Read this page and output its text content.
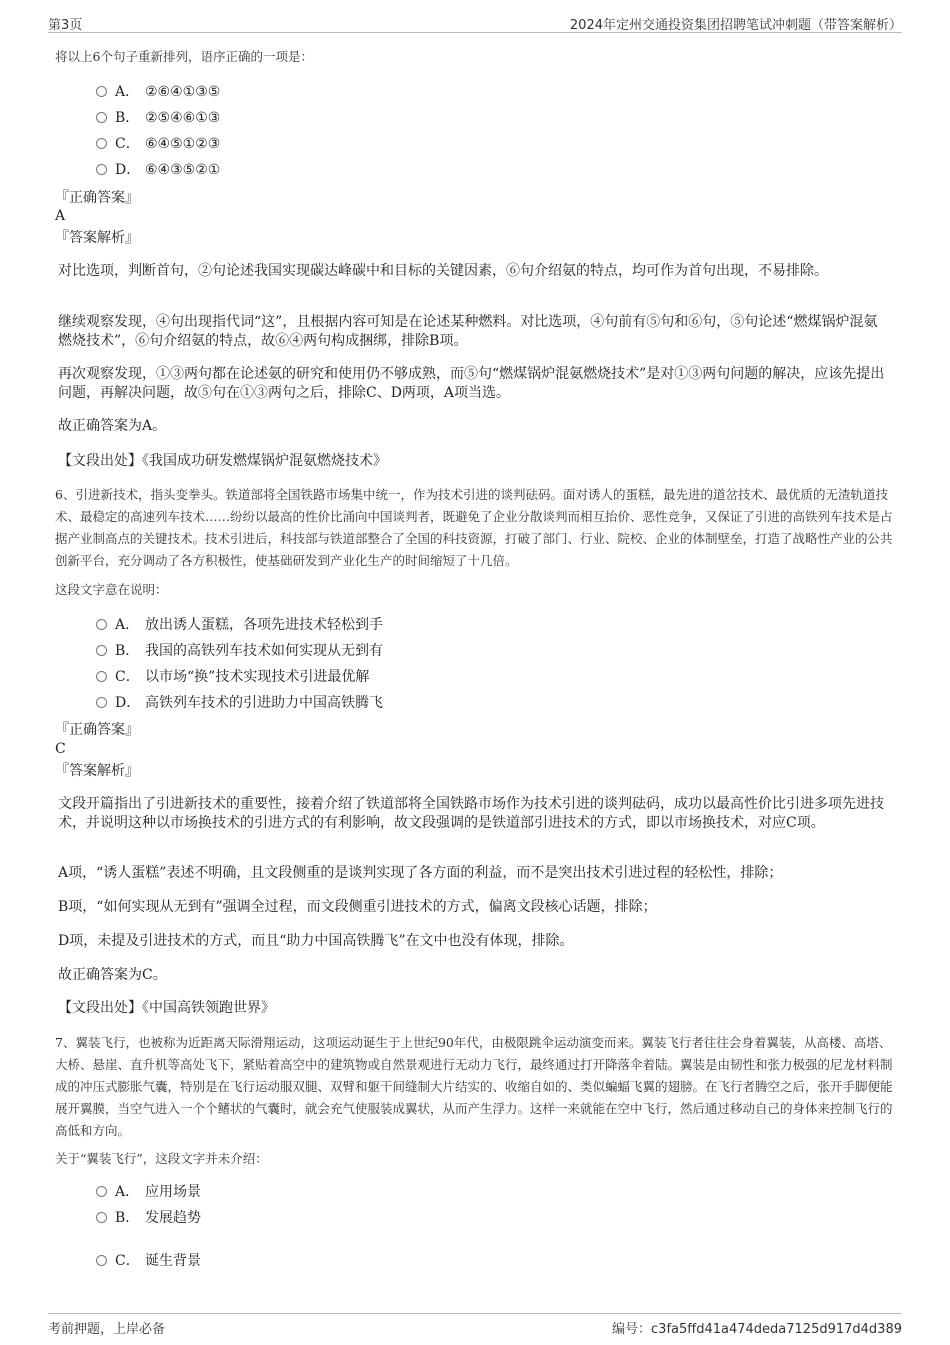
第3页	2024年定州交通投资集团招聘笔试冲刺题（带答案解析）
将以上6个句子重新排列，语序正确的一项是：
A． ②⑥④①③⑤
B． ②⑤④⑥①③
C． ⑥④⑤①②③
D． ⑥④③⑤②①
『正确答案』
A
『答案解析』
对比选项，判断首句，②句论述我国实现碳达峰碳中和目标的关键因素，⑥句介绍氨的特点，均可作为首句出现，不易排除。
继续观察发现，④句出现指代词“这”，且根据内容可知是在论述某种燃料。对比选项，④句前有⑤句和⑥句，⑤句论述“燃煤锅炉混氨燃烧技术”，⑥句介绍氨的特点，故⑥④两句构成捆绑，排除B项。
再次观察发现，①③两句都在论述氨的研究和使用仍不够成熟，而⑤句“燃煤锅炉混氨燃烧技术”是对①③两句问题的解决，应该先提出问题，再解决问题，故⑤句在①③两句之后，排除C、D两项，A项当选。
故正确答案为A。
【文段出处】《我国成功研发燃煤锅炉混氨燃烧技术》
6、引进新技术，指头变拳头。铁道部将全国铁路市场集中统一，作为技术引进的谈判砝码。面对诱人的蛋糕，最先进的道岔技术、最优质的无渣轨道技术、最稳定的高速列车技术……纷纷以最高的性价比涌向中国谈判者，既避免了企业分散谈判而相互抬价、恶性竞争，又保证了引进的高铁列车技术是占据产业制高点的关键技术。技术引进后，科技部与铁道部整合了全国的科技资源，打破了部门、行业、院校、企业的体制壁垒，打造了战略性产业的公共创新平台，充分调动了各方积极性，使基础研发到产业化生产的时间缩短了十几倍。
这段文字意在说明：
A． 放出诱人蛋糕，各项先进技术轻松到手
B． 我国的高铁列车技术如何实现从无到有
C． 以市场“换”技术实现技术引进最优解
D． 高铁列车技术的引进助力中国高铁腾飞
『正确答案』
C
『答案解析』
文段开篇指出了引进新技术的重要性，接着介绍了铁道部将全国铁路市场作为技术引进的谈判砝码，成功以最高性价比引进多项先进技术，并说明这种以市场换技术的引进方式的有利影响，故文段强调的是铁道部引进技术的方式，即以市场换技术，对应C项。
A项，“诱人蛋糕”表述不明确，且文段侧重的是谈判实现了各方面的利益，而不是突出技术引进过程的轻松性，排除；
B项，“如何实现从无到有”强调全过程，而文段侧重引进技术的方式，偏离文段核心话题，排除；
D项，未提及引进技术的方式，而且“助力中国高铁腾飞”在文中也没有体现，排除。
故正确答案为C。
【文段出处】《中国高铁领跑世界》
7、翼装飞行，也被称为近距离天际滑翔运动，这项运动诞生于上世纪90年代，由极限跳伞运动演变而来。翼装飞行者往往会身着翼装，从高楼、高塔、大桥、悬崖、直升机等高处飞下，紧贴着高空中的建筑物或自然景观进行无动力飞行，最终通过打开降落伞着陆。翼装是由韧性和张力极强的尼龙材料制成的冲压式膨胀气囊，特别是在飞行运动服双腿、双臂和躯干间缝制大片结实的、收缩自如的、类似蝙蝠飞翼的翅膀。在飞行者腾空之后，张开手脚便能展开翼膜，当空气进入一个个鳍状的气囊时，就会充气使服装成翼状，从而产生浮力。这样一来就能在空中飞行，然后通过移动自己的身体来控制飞行的高低和方向。
关于“翼装飞行”，这段文字并未介绍：
A． 应用场景
B． 发展趋势
C． 诞生背景
考前押题，上岸必备	编号：c3fa5ffd41a474deda7125d917d4d389
